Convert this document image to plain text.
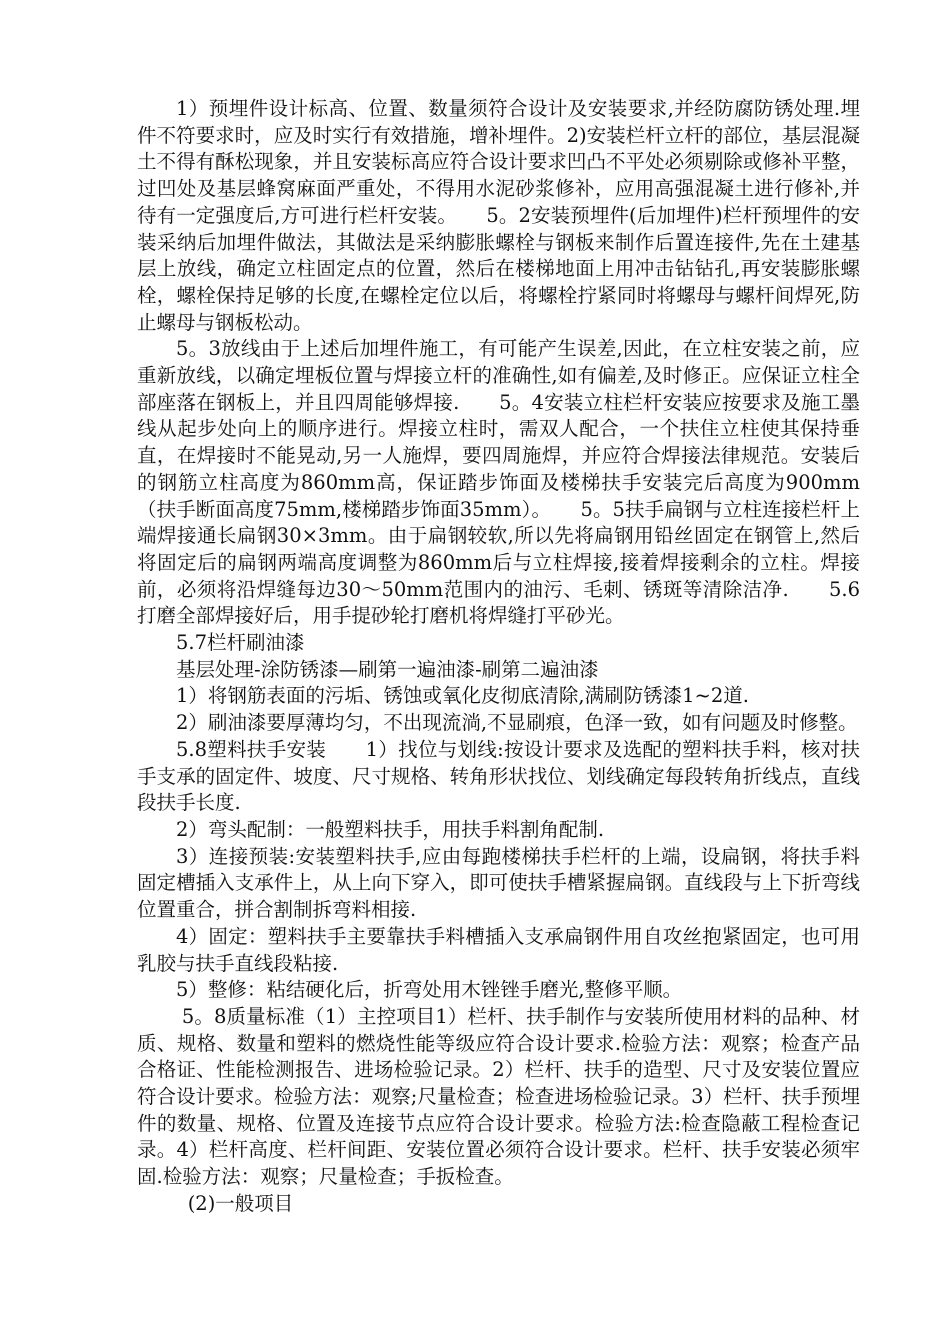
1）预埋件设计标高、位置、数量须符合设计及安装要求,并经防腐防锈处理.埋件不符要求时，应及时实行有效措施，增补埋件。2)安装栏杆立杆的部位，基层混凝土不得有酥松现象，并且安装标高应符合设计要求凹凸不平处必须剔除或修补平整，过凹处及基层蜂窝麻面严重处，不得用水泥砂浆修补，应用高强混凝土进行修补,并待有一定强度后,方可进行栏杆安装。　　5。2安装预埋件(后加埋件)栏杆预埋件的安装采纳后加埋件做法，其做法是采纳膨胀螺栓与钢板来制作后置连接件,先在土建基层上放线，确定立柱固定点的位置，然后在楼梯地面上用冲击钻钻孔,再安装膨胀螺栓，螺栓保持足够的长度,在螺栓定位以后，将螺栓拧紧同时将螺母与螺杆间焊死,防止螺母与钢板松动。

5。3放线由于上述后加埋件施工，有可能产生误差,因此，在立柱安装之前，应重新放线，以确定埋板位置与焊接立杆的准确性,如有偏差,及时修正。应保证立柱全部座落在钢板上，并且四周能够焊接.　　5。4安装立柱栏杆安装应按要求及施工墨线从起步处向上的顺序进行。焊接立柱时，需双人配合，一个扶住立柱使其保持垂直，在焊接时不能晃动,另一人施焊，要四周施焊，并应符合焊接法律规范。安装后的钢筋立柱高度为860mm高，保证踏步饰面及楼梯扶手安装完后高度为900mm（扶手断面高度75mm,楼梯踏步饰面35mm）。　　5。5扶手扁钢与立柱连接栏杆上端焊接通长扁钢30×3mm。由于扁钢较软,所以先将扁钢用铅丝固定在钢管上,然后将固定后的扁钢两端高度调整为860mm后与立柱焊接,接着焊接剩余的立柱。焊接前，必须将沿焊缝每边30～50mm范围内的油污、毛刺、锈斑等清除洁净.　　5.6打磨全部焊接好后，用手提砂轮打磨机将焊缝打平砂光。

5.7栏杆刷油漆

基层处理-涂防锈漆—刷第一遍油漆-刷第二遍油漆

1）将钢筋表面的污垢、锈蚀或氧化皮彻底清除,满刷防锈漆1~2道.

2）刷油漆要厚薄均匀，不出现流淌,不显刷痕，色泽一致，如有问题及时修整。

5.8塑料扶手安装　　1）找位与划线:按设计要求及选配的塑料扶手料，核对扶手支承的固定件、坡度、尺寸规格、转角形状找位、划线确定每段转角折线点，直线段扶手长度.

2）弯头配制：一般塑料扶手，用扶手料割角配制.

3）连接预装:安装塑料扶手,应由每跑楼梯扶手栏杆的上端，设扁钢，将扶手料固定槽插入支承件上，从上向下穿入，即可使扶手槽紧握扁钢。直线段与上下折弯线位置重合，拼合割制拆弯料相接.

4）固定：塑料扶手主要靠扶手料槽插入支承扁钢件用自攻丝抱紧固定，也可用乳胶与扶手直线段粘接.

5）整修：粘结硬化后，折弯处用木锉锉手磨光,整修平顺。

5。8质量标准（1）主控项目1）栏杆、扶手制作与安装所使用材料的品种、材质、规格、数量和塑料的燃烧性能等级应符合设计要求.检验方法：观察；检查产品合格证、性能检测报告、进场检验记录。2）栏杆、扶手的造型、尺寸及安装位置应符合设计要求。检验方法：观察;尺量检查；检查进场检验记录。3）栏杆、扶手预埋件的数量、规格、位置及连接节点应符合设计要求。检验方法:检查隐蔽工程检查记录。4）栏杆高度、栏杆间距、安装位置必须符合设计要求。栏杆、扶手安装必须牢固.检验方法：观察；尺量检查；手扳检查。

(2)一般项目
